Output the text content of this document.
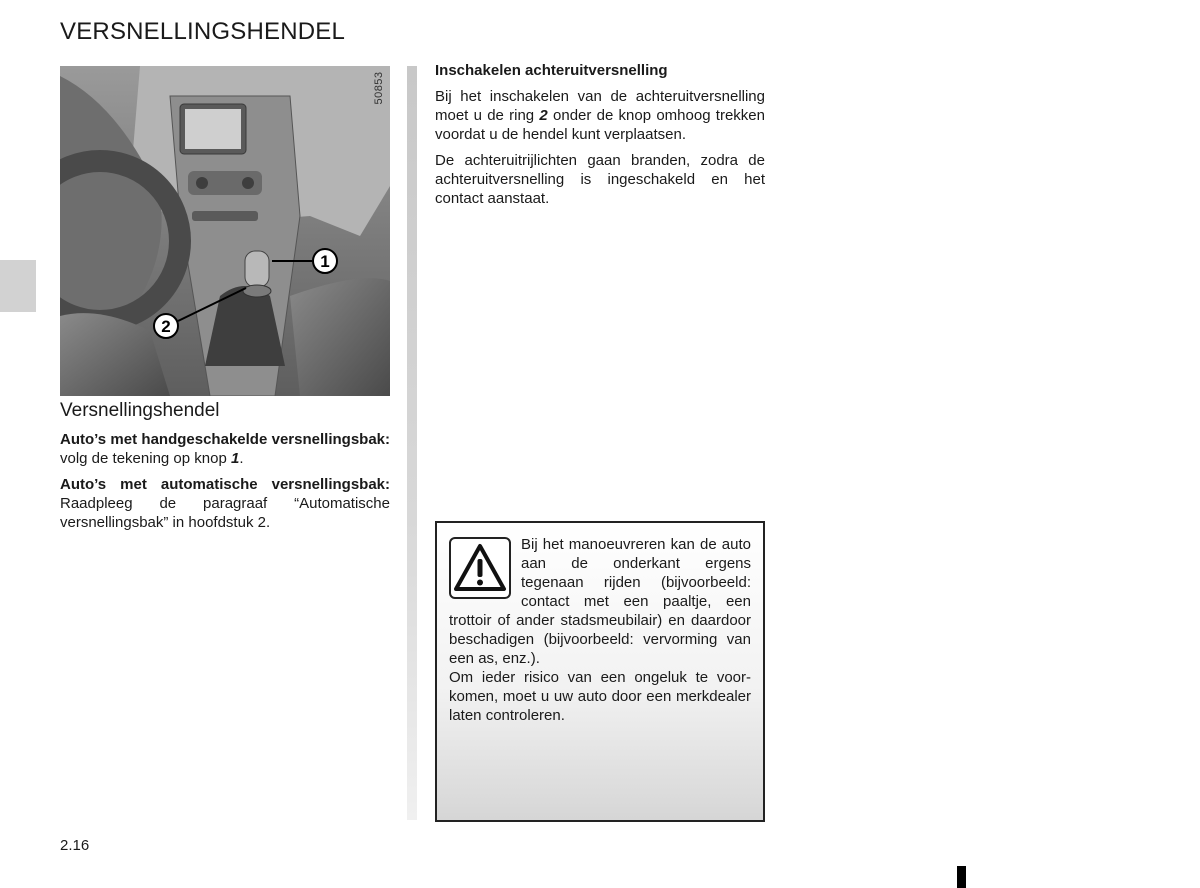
VERSNELLINGSHENDEL
1
2
50853
Versnellingshendel

Auto’s met handgeschakelde versnellingsbak: volg de tekening op knop 1.

Auto’s met automatische versnellingsbak: Raadpleeg de paragraaf “Automatische versnellingsbak” in hoofdstuk 2.

Inschakelen achteruitversnelling

Bij het inschakelen van de achteruitversnelling moet u de ring 2 onder de knop omhoog trekken voordat u de hendel kunt verplaatsen.

De achteruitrijlichten gaan branden, zodra de achteruitversnelling is ingeschakeld en het contact aanstaat.

Bij het manoeuvreren kan de auto aan de onderkant ergens tegenaan rijden (bijvoorbeeld: contact met een paaltje, een trottoir of ander stadsmeubilair) en daardoor beschadigen (bijvoorbeeld: vervorming van een as, enz.).
Om ieder risico van een ongeluk te voorkomen, moet u uw auto door een merkdealer laten controleren.
2.16
